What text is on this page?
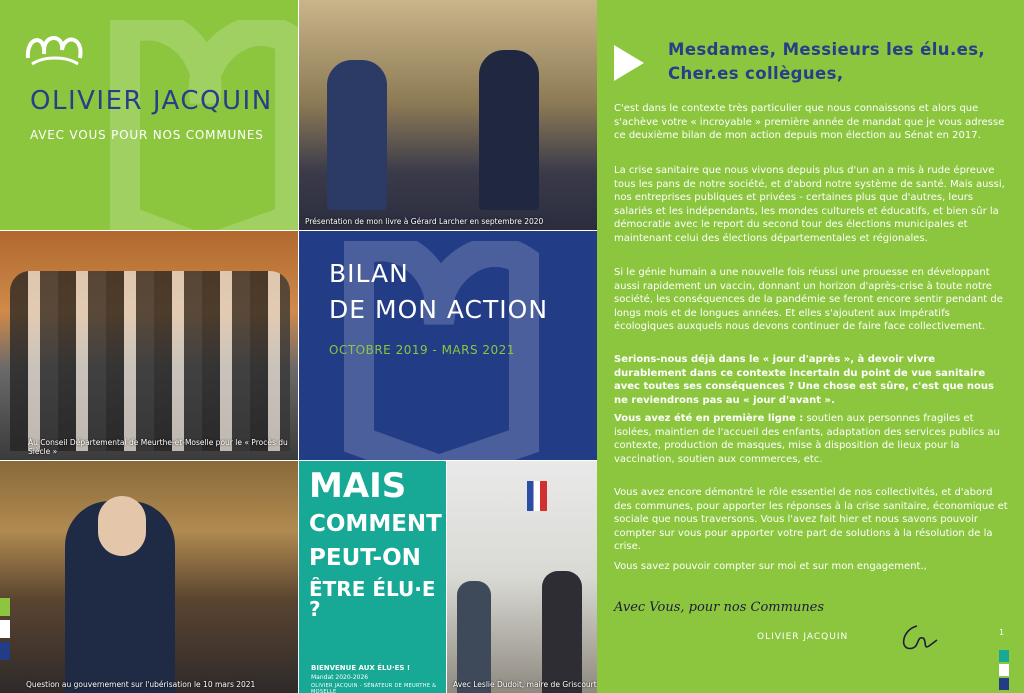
OLIVIER JACQUIN
AVEC VOUS POUR NOS COMMUNES
Présentation de mon livre à Gérard Larcher en septembre 2020
Au Conseil Départemental de Meurthe-et-Moselle pour le « Procès du Siècle »
BILAN
DE MON ACTION
OCTOBRE 2019 - MARS 2021
Question au gouvernement sur l'ubérisation le 10 mars 2021
MAIS
COMMENT
PEUT-ON
ÊTRE ÉLU·E ?
BIENVENUE AUX ÉLU·ES !
Mandat 2020-2026
OLIVIER JACQUIN - SÉNATEUR DE MEURTHE & MOSELLE
Avec Leslie Dudoit, maire de Griscourt
Mesdames, Messieurs les élu.es,
Cher.es collègues,

C'est dans le contexte très particulier que nous connaissons et alors que s'achève votre « incroyable » première année de mandat que je vous adresse ce deuxième bilan de mon action depuis mon élection au Sénat en 2017.

La crise sanitaire que nous vivons depuis plus d'un an a mis à rude épreuve tous les pans de notre société, et d'abord notre système de santé. Mais aussi, nos entreprises publiques et privées - certaines plus que d'autres, leurs salariés et les indépendants, les mondes culturels et éducatifs, et bien sûr la démocratie avec le report du second tour des élections municipales et maintenant celui des élections départementales et régionales.

Si le génie humain a une nouvelle fois réussi une prouesse en développant aussi rapidement un vaccin, donnant un horizon d'après-crise à toute notre société, les conséquences de la pandémie se feront encore sentir pendant de longs mois et de longues années. Et elles s'ajoutent aux impératifs écologiques auxquels nous devons continuer de faire face collectivement.

Serions-nous déjà dans le « jour d'après », à devoir vivre durablement dans ce contexte incertain du point de vue sanitaire avec toutes ses conséquences ? Une chose est sûre, c'est que nous ne reviendrons pas au « jour d'avant ».

Vous avez été en première ligne : soutien aux personnes fragiles et isolées, maintien de l'accueil des enfants, adaptation des services publics au contexte, production de masques, mise à disposition de lieux pour la vaccination, soutien aux commerces, etc.

Vous avez encore démontré le rôle essentiel de nos collectivités, et d'abord des communes, pour apporter les réponses à la crise sanitaire, économique et sociale que nous traversons. Vous l'avez fait hier et nous savons pouvoir compter sur vous pour apporter votre part de solutions à la résolution de la crise.

Vous savez pouvoir compter sur moi et sur mon engagement.,

Avec Vous, pour nos Communes
OLIVIER JACQUIN	1
